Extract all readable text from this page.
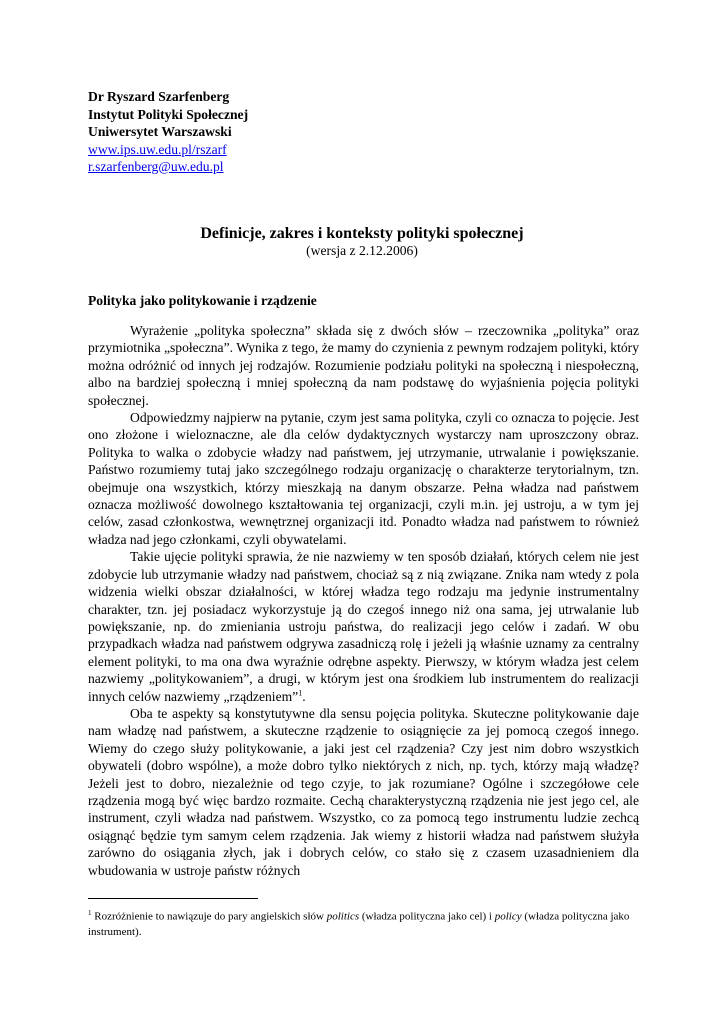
Dr Ryszard Szarfenberg
Instytut Polityki Społecznej
Uniwersytet Warszawski
www.ips.uw.edu.pl/rszarf
r.szarfenberg@uw.edu.pl
Definicje, zakres i konteksty polityki społecznej
(wersja z 2.12.2006)
Polityka jako politykowanie i rządzenie

Wyrażenie „polityka społeczna” składa się z dwóch słów – rzeczownika „polityka” oraz przymiotnika „społeczna”. Wynika z tego, że mamy do czynienia z pewnym rodzajem polityki, który można odróżnić od innych jej rodzajów. Rozumienie podziału polityki na społeczną i niespołeczną, albo na bardziej społeczną i mniej społeczną da nam podstawę do wyjaśnienia pojęcia polityki społecznej.

Odpowiedzmy najpierw na pytanie, czym jest sama polityka, czyli co oznacza to pojęcie. Jest ono złożone i wieloznaczne, ale dla celów dydaktycznych wystarczy nam uproszczony obraz. Polityka to walka o zdobycie władzy nad państwem, jej utrzymanie, utrwalanie i powiększanie. Państwo rozumiemy tutaj jako szczególnego rodzaju organizację o charakterze terytorialnym, tzn. obejmuje ona wszystkich, którzy mieszkają na danym obszarze. Pełna władza nad państwem oznacza możliwość dowolnego kształtowania tej organizacji, czyli m.in. jej ustroju, a w tym jej celów, zasad członkostwa, wewnętrznej organizacji itd. Ponadto władza nad państwem to również władza nad jego członkami, czyli obywatelami.

Takie ujęcie polityki sprawia, że nie nazwiemy w ten sposób działań, których celem nie jest zdobycie lub utrzymanie władzy nad państwem, chociaż są z nią związane. Znika nam wtedy z pola widzenia wielki obszar działalności, w której władza tego rodzaju ma jedynie instrumentalny charakter, tzn. jej posiadacz wykorzystuje ją do czegoś innego niż ona sama, jej utrwalanie lub powiększanie, np. do zmieniania ustroju państwa, do realizacji jego celów i zadań. W obu przypadkach władza nad państwem odgrywa zasadniczą rolę i jeżeli ją właśnie uznamy za centralny element polityki, to ma ona dwa wyraźnie odrębne aspekty. Pierwszy, w którym władza jest celem nazwiemy „politykowaniem”, a drugi, w którym jest ona środkiem lub instrumentem do realizacji innych celów nazwiemy „rządzeniem”$^1$.

Oba te aspekty są konstytutywne dla sensu pojęcia polityka. Skuteczne politykowanie daje nam władzę nad państwem, a skuteczne rządzenie to osiągnięcie za jej pomocą czegoś innego. Wiemy do czego służy politykowanie, a jaki jest cel rządzenia? Czy jest nim dobro wszystkich obywateli (dobro wspólne), a może dobro tylko niektórych z nich, np. tych, którzy mają władzę? Jeżeli jest to dobro, niezależnie od tego czyje, to jak rozumiane? Ogólne i szczegółowe cele rządzenia mogą być więc bardzo rozmaite. Cechą charakterystyczną rządzenia nie jest jego cel, ale instrument, czyli władza nad państwem. Wszystko, co za pomocą tego instrumentu ludzie zechcą osiągnąć będzie tym samym celem rządzenia. Jak wiemy z historii władza nad państwem służyła zarówno do osiągania złych, jak i dobrych celów, co stało się z czasem uzasadnieniem dla wbudowania w ustroje państw różnych

$^1$ Rozróżnienie to nawiązuje do pary angielskich słów politics (władza polityczna jako cel) i policy (władza polityczna jako instrument).
